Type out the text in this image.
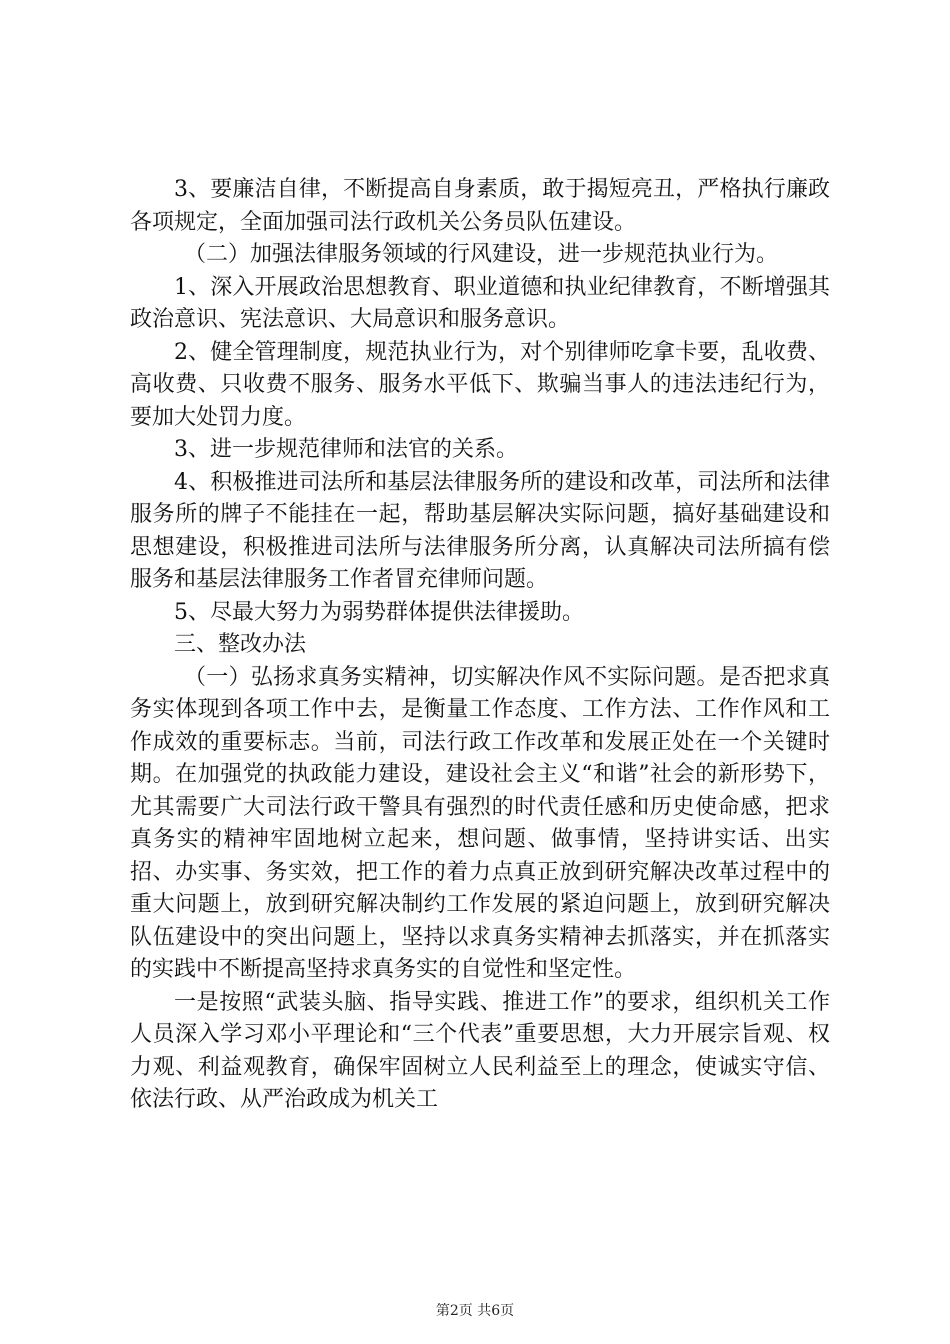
3、要廉洁自律，不断提高自身素质，敢于揭短亮丑，严格执行廉政各项规定，全面加强司法行政机关公务员队伍建设。

（二）加强法律服务领域的行风建设，进一步规范执业行为。

1、深入开展政治思想教育、职业道德和执业纪律教育，不断增强其政治意识、宪法意识、大局意识和服务意识。

2、健全管理制度，规范执业行为，对个别律师吃拿卡要，乱收费、高收费、只收费不服务、服务水平低下、欺骗当事人的违法违纪行为，要加大处罚力度。

3、进一步规范律师和法官的关系。

4、积极推进司法所和基层法律服务所的建设和改革，司法所和法律服务所的牌子不能挂在一起，帮助基层解决实际问题，搞好基础建设和思想建设，积极推进司法所与法律服务所分离，认真解决司法所搞有偿服务和基层法律服务工作者冒充律师问题。

5、尽最大努力为弱势群体提供法律援助。

三、整改办法

（一）弘扬求真务实精神，切实解决作风不实际问题。是否把求真务实体现到各项工作中去，是衡量工作态度、工作方法、工作作风和工作成效的重要标志。当前，司法行政工作改革和发展正处在一个关键时期。在加强党的执政能力建设，建设社会主义“和谐”社会的新形势下，尤其需要广大司法行政干警具有强烈的时代责任感和历史使命感，把求真务实的精神牢固地树立起来，想问题、做事情，坚持讲实话、出实招、办实事、务实效，把工作的着力点真正放到研究解决改革过程中的重大问题上，放到研究解决制约工作发展的紧迫问题上，放到研究解决队伍建设中的突出问题上，坚持以求真务实精神去抓落实，并在抓落实的实践中不断提高坚持求真务实的自觉性和坚定性。

一是按照“武装头脑、指导实践、推进工作”的要求，组织机关工作人员深入学习邓小平理论和“三个代表”重要思想，大力开展宗旨观、权力观、利益观教育，确保牢固树立人民利益至上的理念，使诚实守信、依法行政、从严治政成为机关工

第2页 共6页
